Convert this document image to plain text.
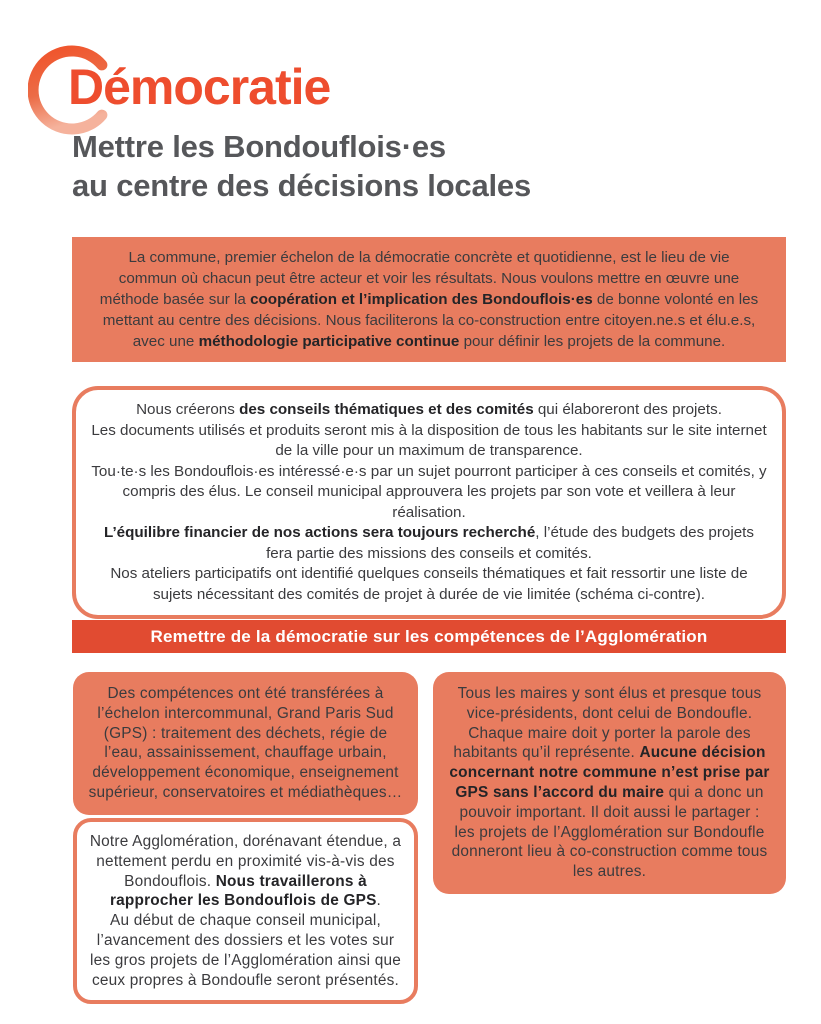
Démocratie
Mettre les Bondouflois·es
au centre des décisions locales

La commune, premier échelon de la démocratie concrète et quotidienne, est le lieu de vie commun où chacun peut être acteur et voir les résultats. Nous voulons mettre en œuvre une méthode basée sur la coopération et l’implication des Bondouflois·es de bonne volonté en les mettant au centre des décisions. Nous faciliterons la co-construction entre citoyen.ne.s et élu.e.s, avec une méthodologie participative continue pour définir les projets de la commune.

Nous créerons des conseils thématiques et des comités qui élaboreront des projets.

Les documents utilisés et produits seront mis à la disposition de tous les habitants sur le site internet de la ville pour un maximum de transparence.

Tou·te·s les Bondouflois·es intéressé·e·s par un sujet pourront participer à ces conseils et comités, y compris des élus. Le conseil municipal approuvera les projets par son vote et veillera à leur réalisation.

L’équilibre financier de nos actions sera toujours recherché, l’étude des budgets des projets fera partie des missions des conseils et comités.

Nos ateliers participatifs ont identifié quelques conseils thématiques et fait ressortir une liste de sujets nécessitant des comités de projet à durée de vie limitée (schéma ci-contre).

Remettre de la démocratie sur les compétences de l’Agglomération

Des compétences ont été transférées à l’échelon intercommunal, Grand Paris Sud (GPS) : traitement des déchets, régie de l’eau, assainissement, chauffage urbain, développement économique, enseignement supérieur, conservatoires et médiathèques…

Notre Agglomération, dorénavant étendue, a nettement perdu en proximité vis-à-vis des Bondouflois. Nous travaillerons à rapprocher les Bondouflois de GPS.

Au début de chaque conseil municipal, l’avancement des dossiers et les votes sur les gros projets de l’Agglomération ainsi que ceux propres à Bondoufle seront présentés.

Tous les maires y sont élus et presque tous vice-présidents, dont celui de Bondoufle. Chaque maire doit y porter la parole des habitants qu’il représente. Aucune décision concernant notre commune n’est prise par GPS sans l’accord du maire qui a donc un pouvoir important. Il doit aussi le partager : les projets de l’Agglomération sur Bondoufle donneront lieu à co-construction comme tous les autres.
